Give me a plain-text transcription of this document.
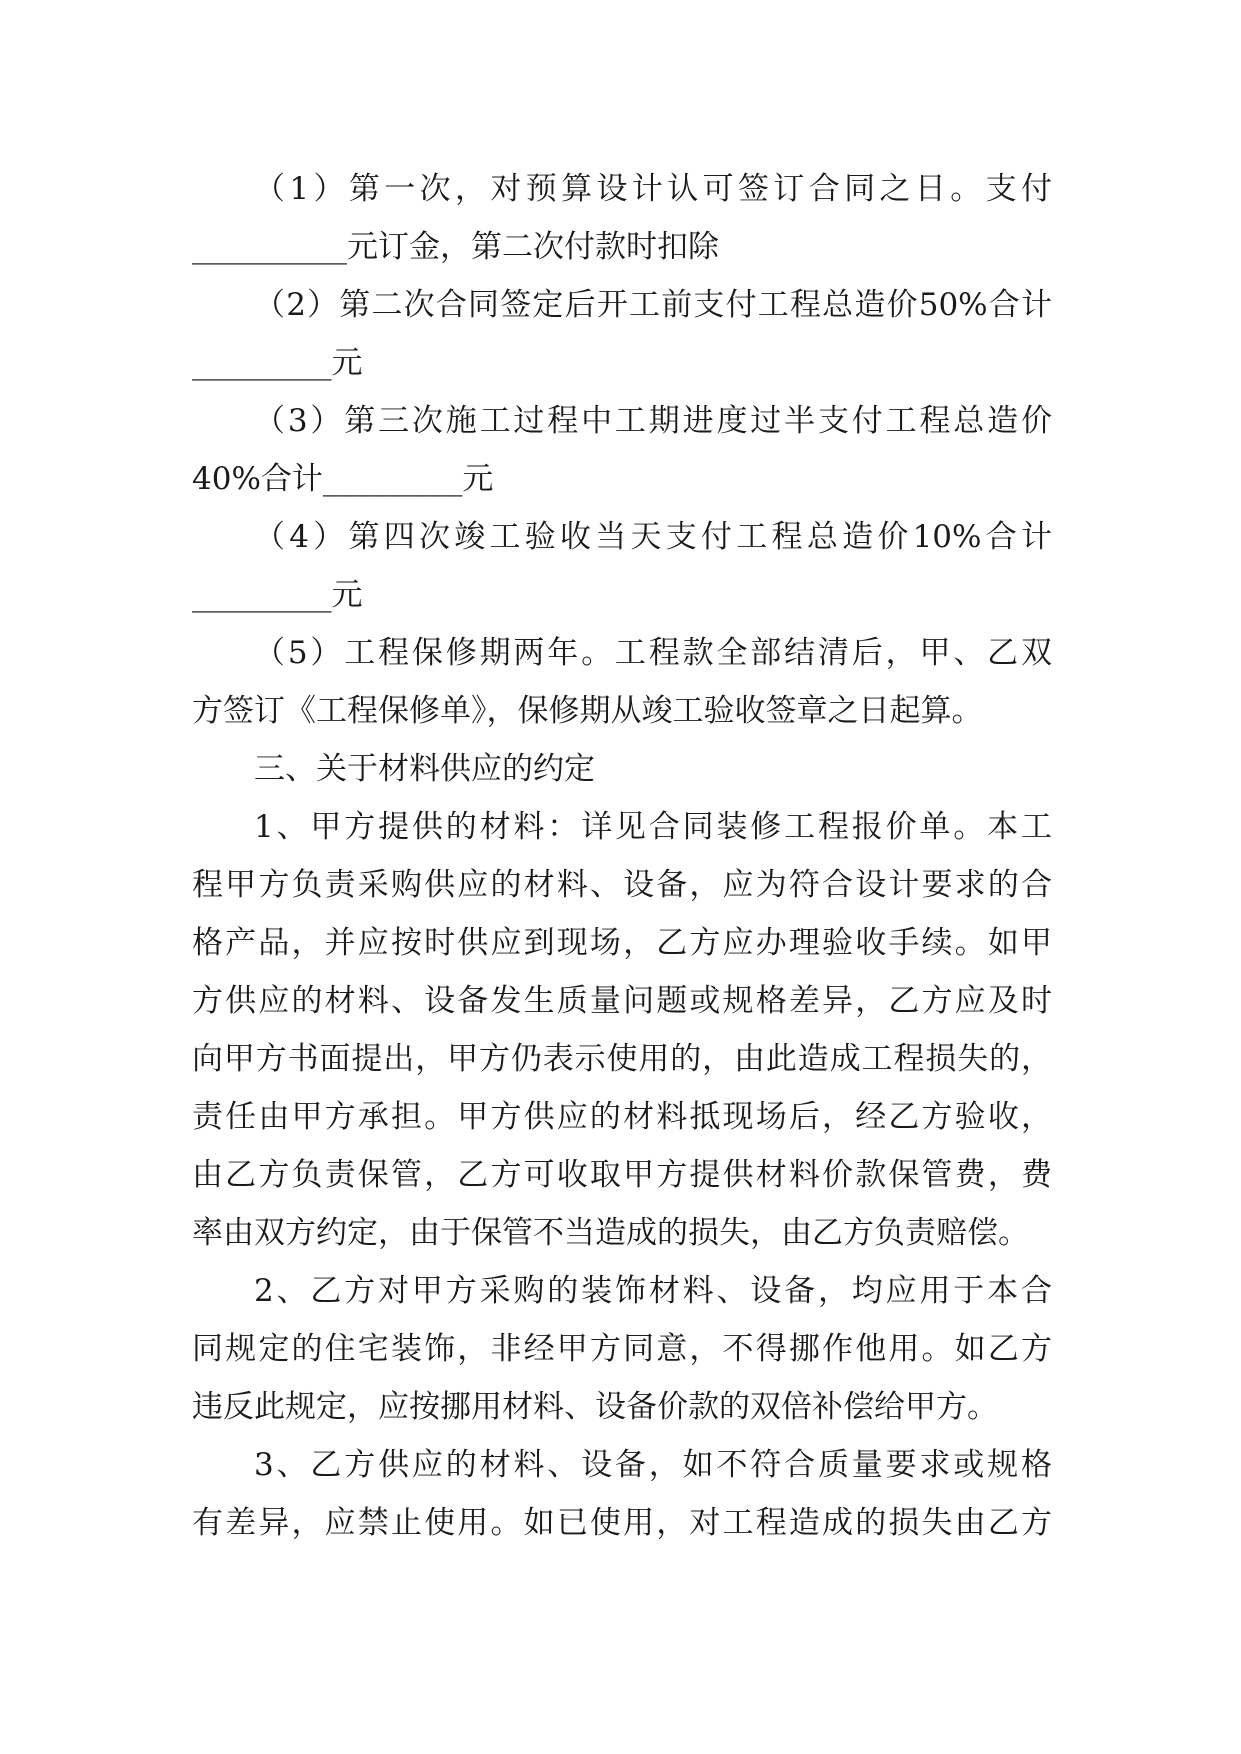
（1）第一次，对预算设计认可签订合同之日。支付
__________元订金，第二次付款时扣除
（2）第二次合同签定后开工前支付工程总造价50%合计
_________元
（3）第三次施工过程中工期进度过半支付工程总造价
40%合计_________元
（4）第四次竣工验收当天支付工程总造价10%合计
_________元
（5）工程保修期两年。工程款全部结清后，甲、乙双
方签订《工程保修单》，保修期从竣工验收签章之日起算。
三、关于材料供应的约定
1、甲方提供的材料：详见合同装修工程报价单。本工
程甲方负责采购供应的材料、设备，应为符合设计要求的合
格产品，并应按时供应到现场，乙方应办理验收手续。如甲
方供应的材料、设备发生质量问题或规格差异，乙方应及时
向甲方书面提出，甲方仍表示使用的，由此造成工程损失的，
责任由甲方承担。甲方供应的材料抵现场后，经乙方验收，
由乙方负责保管，乙方可收取甲方提供材料价款保管费，费
率由双方约定，由于保管不当造成的损失，由乙方负责赔偿。
2、乙方对甲方采购的装饰材料、设备，均应用于本合
同规定的住宅装饰，非经甲方同意，不得挪作他用。如乙方
违反此规定，应按挪用材料、设备价款的双倍补偿给甲方。
3、乙方供应的材料、设备，如不符合质量要求或规格
有差异，应禁止使用。如已使用，对工程造成的损失由乙方
